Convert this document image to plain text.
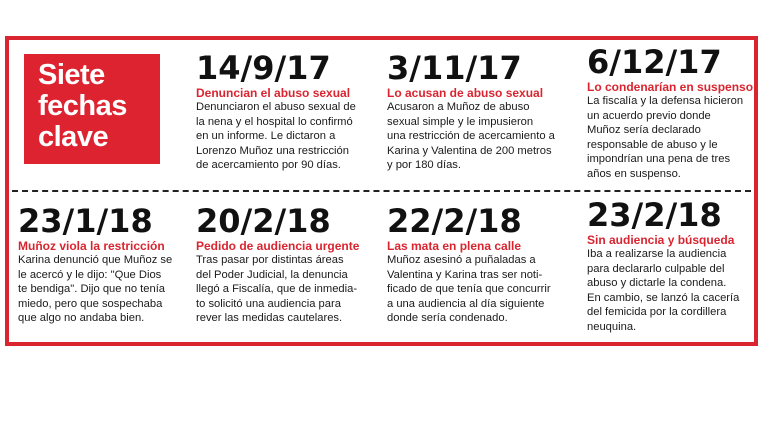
Siete
fechas
clave
14/9/17
Denuncian el abuso sexual
Denunciaron el abuso sexual de
la nena y el hospital lo confirmó
en un informe. Le dictaron a
Lorenzo Muñoz una restricción
de acercamiento por 90 días.
3/11/17
Lo acusan de abuso sexual
Acusaron a Muñoz de abuso
sexual simple y le impusieron
una restricción de acercamiento a
Karina y Valentina de 200 metros
y por 180 días.
6/12/17
Lo condenarían en suspenso
La fiscalía y la defensa hicieron
un acuerdo previo donde
Muñoz sería declarado
responsable de abuso y le
impondrían una pena de tres
años en suspenso.
23/1/18
Muñoz viola la restricción
Karina denunció que Muñoz se
le acercó y le dijo: "Que Dios
te bendiga". Dijo que no tenía
miedo, pero que sospechaba
que algo no andaba bien.
20/2/18
Pedido de audiencia urgente
Tras pasar por distintas áreas
del Poder Judicial, la denuncia
llegó a Fiscalía, que de inmedia-
to solicitó una audiencia para
rever las medidas cautelares.
22/2/18
Las mata en plena calle
Muñoz asesinó a puñaladas a
Valentina y Karina tras ser noti-
ficado de que tenía que concurrir
a una audiencia al día siguiente
donde sería condenado.
23/2/18
Sin audiencia y búsqueda
Iba a realizarse la audiencia
para declararlo culpable del
abuso y dictarle la condena.
En cambio, se lanzó la cacería
del femicida por la cordillera
neuquina.
